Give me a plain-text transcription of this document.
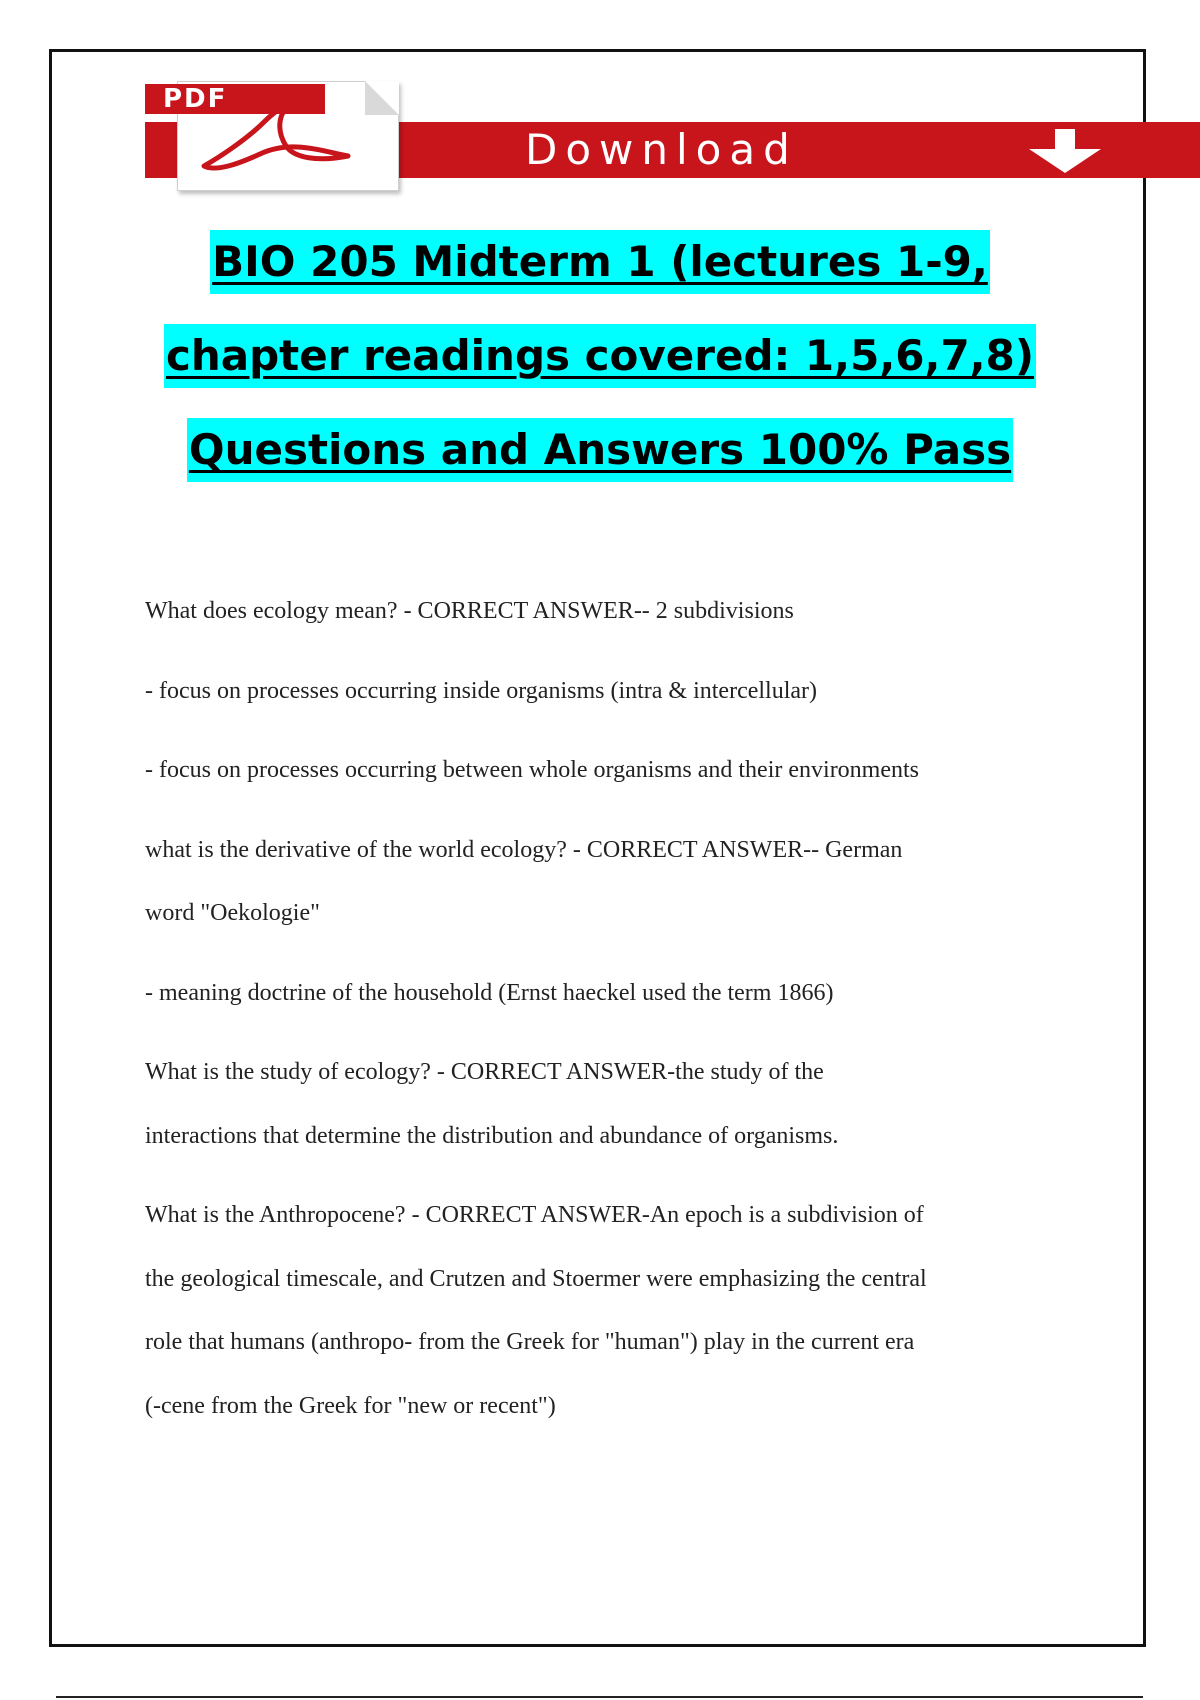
PDF
Download
BIO 205 Midterm 1 (lectures 1-9,
chapter readings covered: 1,5,6,7,8)
Questions and Answers 100% Pass

What does ecology mean? - CORRECT ANSWER-- 2 subdivisions

- focus on processes occurring inside organisms (intra & intercellular)

- focus on processes occurring between whole organisms and their environments

what is the derivative of the world ecology? - CORRECT ANSWER-- German

word "Oekologie"

- meaning doctrine of the household (Ernst haeckel used the term 1866)

What is the study of ecology? - CORRECT ANSWER-the study of the

interactions that determine the distribution and abundance of organisms.

What is the Anthropocene? - CORRECT ANSWER-An epoch is a subdivision of

the geological timescale, and Crutzen and Stoermer were emphasizing the central

role that humans (anthropo- from the Greek for "human") play in the current era

(-cene from the Greek for "new or recent")
